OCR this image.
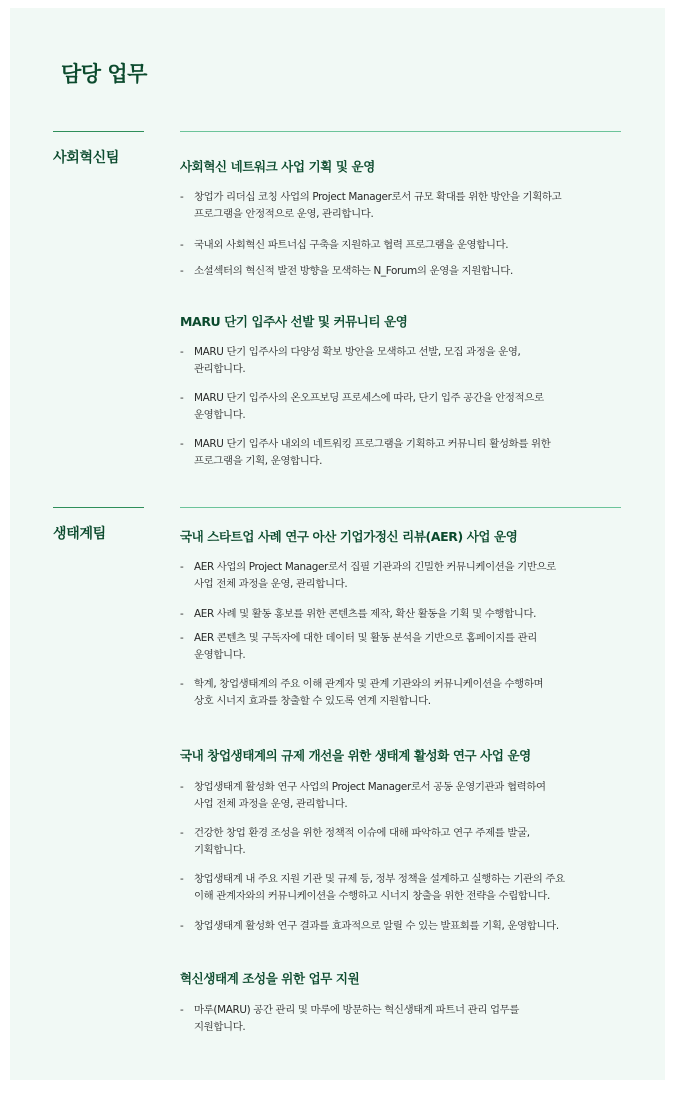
담당 업무
사회혁신팀
사회혁신 네트워크 사업 기획 및 운영
-	창업가 리더십 코칭 사업의 Project Manager로서 규모 확대를 위한 방안을 기획하고
프로그램을 안정적으로 운영, 관리합니다.
-	국내외 사회혁신 파트너십 구축을 지원하고 협력 프로그램을 운영합니다.
-	소셜섹터의 혁신적 발전 방향을 모색하는 N_Forum의 운영을 지원합니다.
MARU 단기 입주사 선발 및 커뮤니티 운영
-	MARU 단기 입주사의 다양성 확보 방안을 모색하고 선발, 모집 과정을 운영,
관리합니다.
-	MARU 단기 입주사의 온오프보딩 프로세스에 따라, 단기 입주 공간을 안정적으로
운영합니다.
-	MARU 단기 입주사 내외의 네트워킹 프로그램을 기획하고 커뮤니티 활성화를 위한
프로그램을 기획, 운영합니다.
생태계팀	국내 스타트업 사례 연구 아산 기업가정신 리뷰(AER) 사업 운영
-	AER 사업의 Project Manager로서 집필 기관과의 긴밀한 커뮤니케이션을 기반으로
사업 전체 과정을 운영, 관리합니다.
-	AER 사례 및 활동 홍보를 위한 콘텐츠를 제작, 확산 활동을 기획 및 수행합니다.
-	AER 콘텐츠 및 구독자에 대한 데이터 및 활동 분석을 기반으로 홈페이지를 관리
운영합니다.
-	학계, 창업생태계의 주요 이해 관계자 및 관계 기관와의 커뮤니케이션을 수행하며
상호 시너지 효과를 창출할 수 있도록 연계 지원합니다.
국내 창업생태계의 규제 개선을 위한 생태계 활성화 연구 사업 운영
-	창업생태계 활성화 연구 사업의 Project Manager로서 공동 운영기관과 협력하여
사업 전체 과정을 운영, 관리합니다.
-	건강한 창업 환경 조성을 위한 정책적 이슈에 대해 파악하고 연구 주제를 발굴,
기획합니다.
-	창업생태계 내 주요 지원 기관 및 규제 등, 정부 정책을 설계하고 실행하는 기관의 주요
이해 관계자와의 커뮤니케이션을 수행하고 시너지 창출을 위한 전략을 수립합니다.
-	창업생태계 활성화 연구 결과를 효과적으로 알릴 수 있는 발표회를 기획, 운영합니다.
혁신생태계 조성을 위한 업무 지원
-	마루(MARU) 공간 관리 및 마루에 방문하는 혁신생태계 파트너 관리 업무를
지원합니다.
